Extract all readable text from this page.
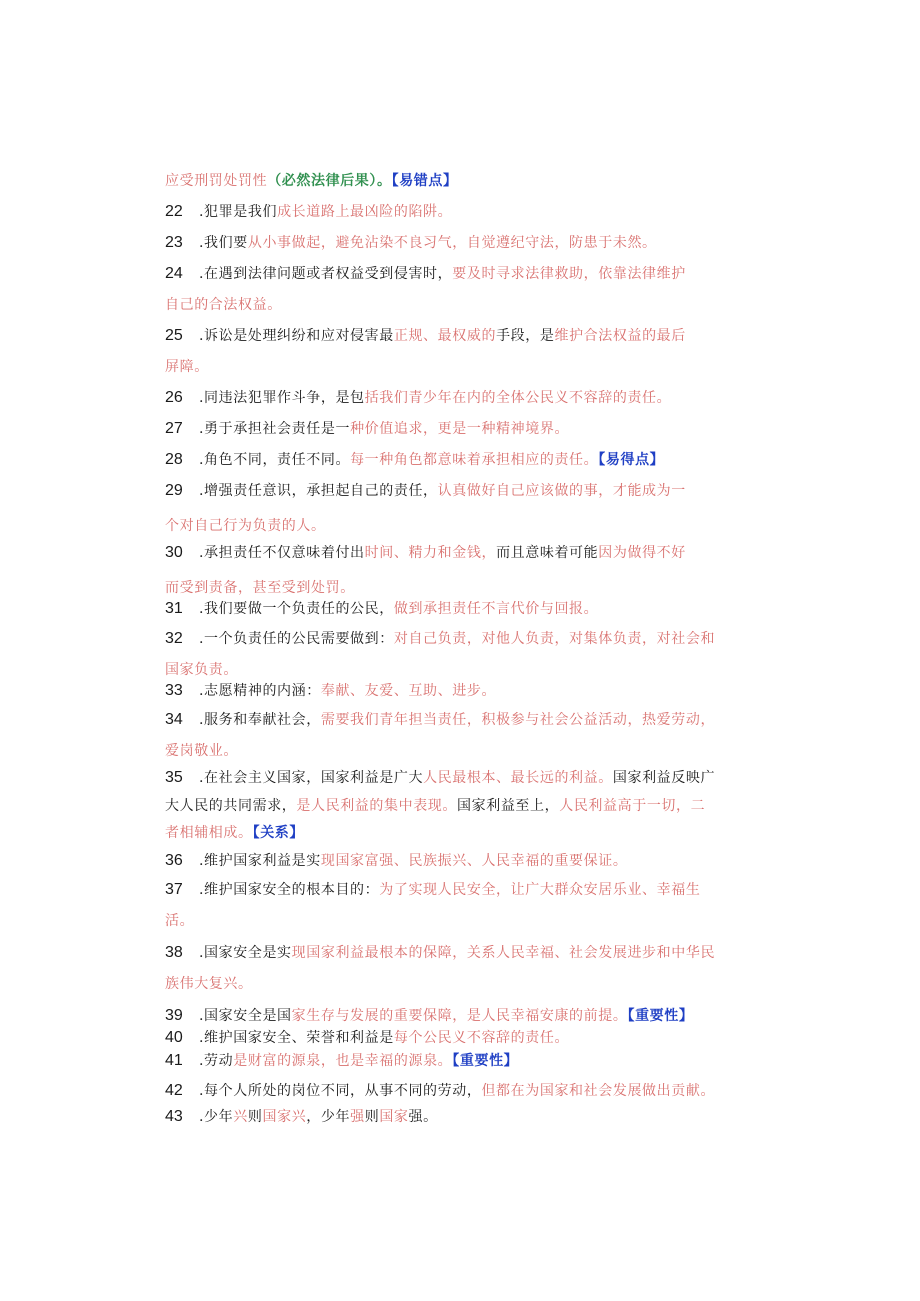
应受刑罚处罚性（必然法律后果）。【易错点】
22 .犯罪是我们成长道路上最凶险的陷阱。
23 .我们要从小事做起，避免沾染不良习气，自觉遵纪守法，防患于未然。
24 .在遇到法律问题或者权益受到侵害时，要及时寻求法律救助，依靠法律维护
自己的合法权益。
25 .诉讼是处理纠纷和应对侵害最正规、最权威的手段，是维护合法权益的最后
屏障。
26 .同违法犯罪作斗争，是包括我们青少年在内的全体公民义不容辞的责任。
27 .勇于承担社会责任是一种价值追求，更是一种精神境界。
28 .角色不同，责任不同。每一种角色都意味着承担相应的责任。【易得点】
29 .增强责任意识，承担起自己的责任，认真做好自己应该做的事，才能成为一
个对自己行为负责的人。
30 .承担责任不仅意味着付出时间、精力和金钱，而且意味着可能因为做得不好
而受到责备，甚至受到处罚。
31 .我们要做一个负责任的公民，做到承担责任不言代价与回报。
32 .一个负责任的公民需要做到：对自己负责，对他人负责，对集体负责，对社会和
国家负责。
33 .志愿精神的内涵：奉献、友爱、互助、进步。
34 .服务和奉献社会，需要我们青年担当责任，积极参与社会公益活动，热爱劳动，
爱岗敬业。
35 .在社会主义国家，国家利益是广大人民最根本、最长远的利益。国家利益反映广
大人民的共同需求，是人民利益的集中表现。国家利益至上，人民利益高于一切，二
者相辅相成。【关系】
36 .维护国家利益是实现国家富强、民族振兴、人民幸福的重要保证。
37 .维护国家安全的根本目的：为了实现人民安全，让广大群众安居乐业、幸福生
活。
38 .国家安全是实现国家利益最根本的保障，关系人民幸福、社会发展进步和中华民
族伟大复兴。
39 .国家安全是国家生存与发展的重要保障，是人民幸福安康的前提。【重要性】
40 .维护国家安全、荣誉和利益是每个公民义不容辞的责任。
41 .劳动是财富的源泉，也是幸福的源泉。【重要性】
42 .每个人所处的岗位不同，从事不同的劳动，但都在为国家和社会发展做出贡献。
43 .少年兴则国家兴，少年强则国家强。
